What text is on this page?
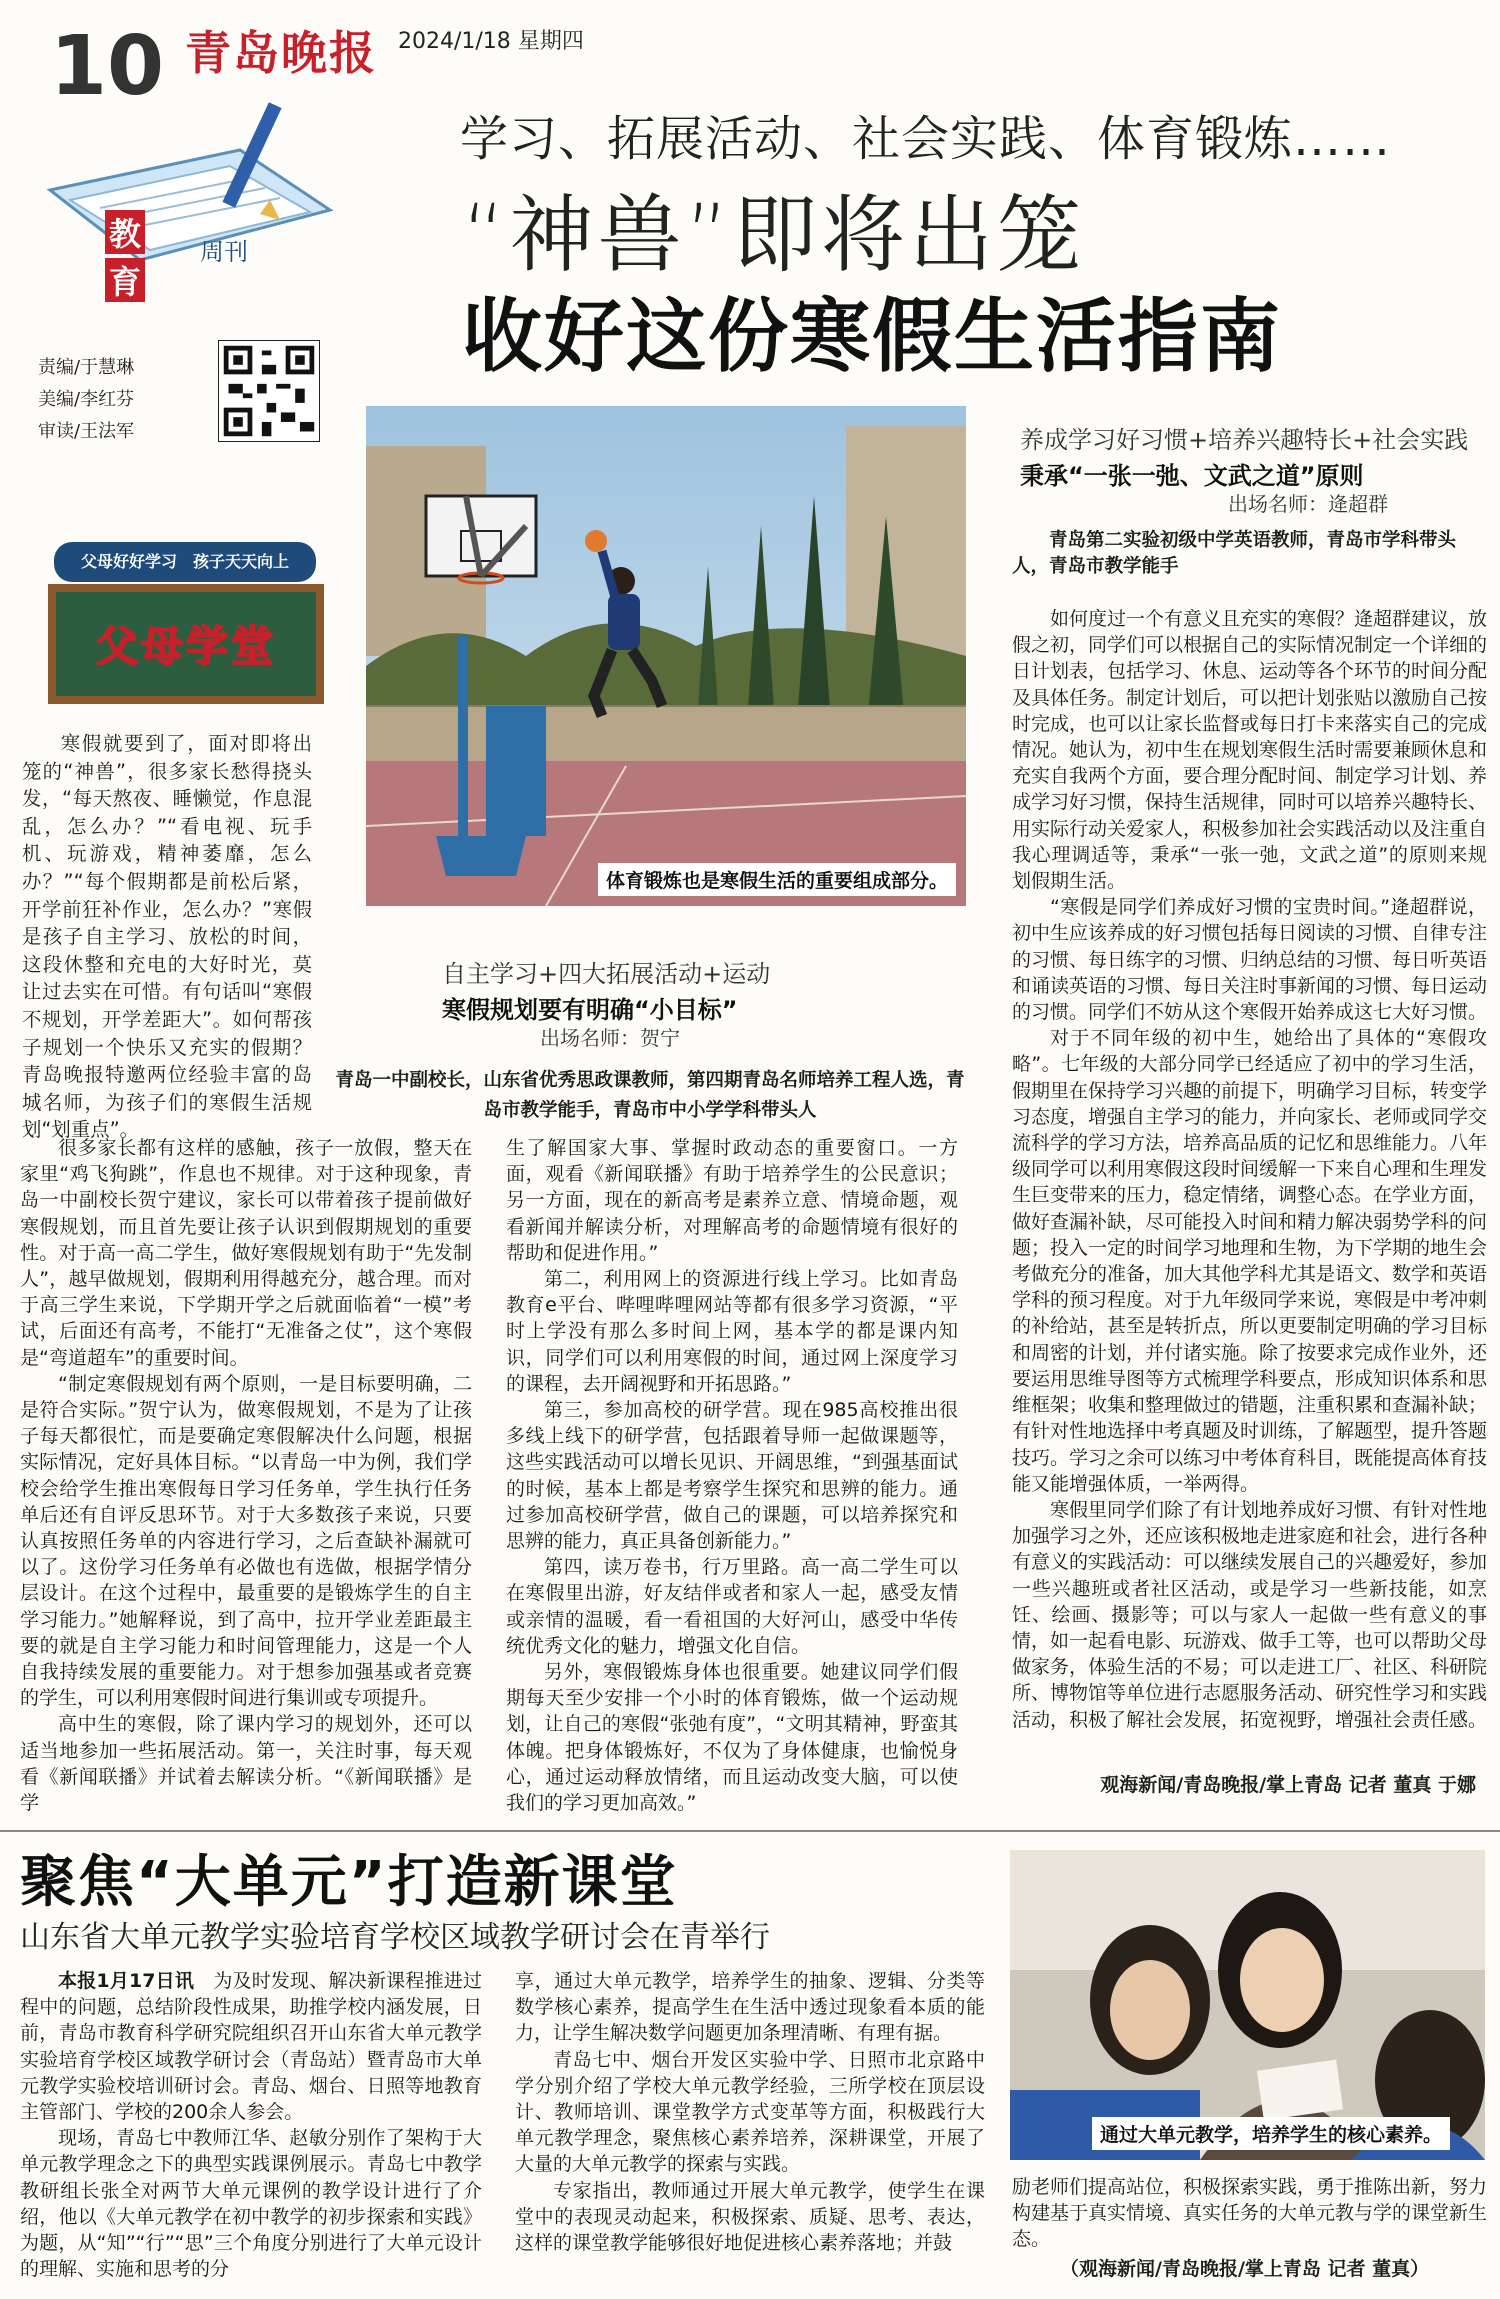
10 青岛晚报 2024/1/18 星期四
教
育
周刊
责编/于慧琳
美编/李红芬
审读/王法军
父母好好学习　孩子天天向上
父母学堂

寒假就要到了，面对即将出笼的“神兽”，很多家长愁得挠头发，“每天熬夜、睡懒觉，作息混乱，怎么办？”“看电视、玩手机、玩游戏，精神萎靡，怎么办？”“每个假期都是前松后紧，开学前狂补作业，怎么办？”寒假是孩子自主学习、放松的时间，这段休整和充电的大好时光，莫让过去实在可惜。有句话叫“寒假不规划，开学差距大”。如何帮孩子规划一个快乐又充实的假期？青岛晚报特邀两位经验丰富的岛城名师，为孩子们的寒假生活规划“划重点”。

学习、拓展活动、社会实践、体育锻炼……
“神兽”即将出笼
收好这份寒假生活指南
体育锻炼也是寒假生活的重要组成部分。
自主学习+四大拓展活动+运动
寒假规划要有明确“小目标”
出场名师：贺宁
青岛一中副校长，山东省优秀思政课教师，第四期青岛名师培养工程人选，青岛市教学能手，青岛市中小学学科带头人

很多家长都有这样的感触，孩子一放假，整天在家里“鸡飞狗跳”，作息也不规律。对于这种现象，青岛一中副校长贺宁建议，家长可以带着孩子提前做好寒假规划，而且首先要让孩子认识到假期规划的重要性。对于高一高二学生，做好寒假规划有助于“先发制人”，越早做规划，假期利用得越充分，越合理。而对于高三学生来说，下学期开学之后就面临着“一模”考试，后面还有高考，不能打“无准备之仗”，这个寒假是“弯道超车”的重要时间。

“制定寒假规划有两个原则，一是目标要明确，二是符合实际。”贺宁认为，做寒假规划，不是为了让孩子每天都很忙，而是要确定寒假解决什么问题，根据实际情况，定好具体目标。“以青岛一中为例，我们学校会给学生推出寒假每日学习任务单，学生执行任务单后还有自评反思环节。对于大多数孩子来说，只要认真按照任务单的内容进行学习，之后查缺补漏就可以了。这份学习任务单有必做也有选做，根据学情分层设计。在这个过程中，最重要的是锻炼学生的自主学习能力。”她解释说，到了高中，拉开学业差距最主要的就是自主学习能力和时间管理能力，这是一个人自我持续发展的重要能力。对于想参加强基或者竞赛的学生，可以利用寒假时间进行集训或专项提升。

高中生的寒假，除了课内学习的规划外，还可以适当地参加一些拓展活动。第一，关注时事，每天观看《新闻联播》并试着去解读分析。“《新闻联播》是学

生了解国家大事、掌握时政动态的重要窗口。一方面，观看《新闻联播》有助于培养学生的公民意识；另一方面，现在的新高考是素养立意、情境命题，观看新闻并解读分析，对理解高考的命题情境有很好的帮助和促进作用。”

第二，利用网上的资源进行线上学习。比如青岛教育e平台、哔哩哔哩网站等都有很多学习资源，“平时上学没有那么多时间上网，基本学的都是课内知识，同学们可以利用寒假的时间，通过网上深度学习的课程，去开阔视野和开拓思路。”

第三，参加高校的研学营。现在985高校推出很多线上线下的研学营，包括跟着导师一起做课题等，这些实践活动可以增长见识、开阔思维，“到强基面试的时候，基本上都是考察学生探究和思辨的能力。通过参加高校研学营，做自己的课题，可以培养探究和思辨的能力，真正具备创新能力。”

第四，读万卷书，行万里路。高一高二学生可以在寒假里出游，好友结伴或者和家人一起，感受友情或亲情的温暖，看一看祖国的大好河山，感受中华传统优秀文化的魅力，增强文化自信。

另外，寒假锻炼身体也很重要。她建议同学们假期每天至少安排一个小时的体育锻炼，做一个运动规划，让自己的寒假“张弛有度”，“文明其精神，野蛮其体魄。把身体锻炼好，不仅为了身体健康，也愉悦身心，通过运动释放情绪，而且运动改变大脑，可以使我们的学习更加高效。”

养成学习好习惯+培养兴趣特长+社会实践
秉承“一张一弛、文武之道”原则
出场名师：逄超群
青岛第二实验初级中学英语教师，青岛市学科带头人，青岛市教学能手

如何度过一个有意义且充实的寒假？逄超群建议，放假之初，同学们可以根据自己的实际情况制定一个详细的日计划表，包括学习、休息、运动等各个环节的时间分配及具体任务。制定计划后，可以把计划张贴以激励自己按时完成，也可以让家长监督或每日打卡来落实自己的完成情况。她认为，初中生在规划寒假生活时需要兼顾休息和充实自我两个方面，要合理分配时间、制定学习计划、养成学习好习惯，保持生活规律，同时可以培养兴趣特长、用实际行动关爱家人，积极参加社会实践活动以及注重自我心理调适等，秉承“一张一弛，文武之道”的原则来规划假期生活。

“寒假是同学们养成好习惯的宝贵时间。”逄超群说，初中生应该养成的好习惯包括每日阅读的习惯、自律专注的习惯、每日练字的习惯、归纳总结的习惯、每日听英语和诵读英语的习惯、每日关注时事新闻的习惯、每日运动的习惯。同学们不妨从这个寒假开始养成这七大好习惯。

对于不同年级的初中生，她给出了具体的“寒假攻略”。七年级的大部分同学已经适应了初中的学习生活，假期里在保持学习兴趣的前提下，明确学习目标，转变学习态度，增强自主学习的能力，并向家长、老师或同学交流科学的学习方法，培养高品质的记忆和思维能力。八年级同学可以利用寒假这段时间缓解一下来自心理和生理发生巨变带来的压力，稳定情绪，调整心态。在学业方面，做好查漏补缺，尽可能投入时间和精力解决弱势学科的问题；投入一定的时间学习地理和生物，为下学期的地生会考做充分的准备，加大其他学科尤其是语文、数学和英语学科的预习程度。对于九年级同学来说，寒假是中考冲刺的补给站，甚至是转折点，所以更要制定明确的学习目标和周密的计划，并付诸实施。除了按要求完成作业外，还要运用思维导图等方式梳理学科要点，形成知识体系和思维框架；收集和整理做过的错题，注重积累和查漏补缺；有针对性地选择中考真题及时训练，了解题型，提升答题技巧。学习之余可以练习中考体育科目，既能提高体育技能又能增强体质，一举两得。

寒假里同学们除了有计划地养成好习惯、有针对性地加强学习之外，还应该积极地走进家庭和社会，进行各种有意义的实践活动：可以继续发展自己的兴趣爱好，参加一些兴趣班或者社区活动，或是学习一些新技能，如烹饪、绘画、摄影等；可以与家人一起做一些有意义的事情，如一起看电影、玩游戏、做手工等，也可以帮助父母做家务，体验生活的不易；可以走进工厂、社区、科研院所、博物馆等单位进行志愿服务活动、研究性学习和实践活动，积极了解社会发展，拓宽视野，增强社会责任感。

观海新闻/青岛晚报/掌上青岛 记者 董真 于娜
聚焦“大单元”打造新课堂
山东省大单元教学实验培育学校区域教学研讨会在青举行

本报1月17日讯　 为及时发现、解决新课程推进过程中的问题，总结阶段性成果，助推学校内涵发展，日前，青岛市教育科学研究院组织召开山东省大单元教学实验培育学校区域教学研讨会（青岛站）暨青岛市大单元教学实验校培训研讨会。青岛、烟台、日照等地教育主管部门、学校的200余人参会。

现场，青岛七中教师江华、赵敏分别作了架构于大单元教学理念之下的典型实践课例展示。青岛七中教学教研组长张全对两节大单元课例的教学设计进行了介绍，他以《大单元教学在初中教学的初步探索和实践》为题，从“知”“行”“思”三个角度分别进行了大单元设计的理解、实施和思考的分

享，通过大单元教学，培养学生的抽象、逻辑、分类等数学核心素养，提高学生在生活中透过现象看本质的能力，让学生解决数学问题更加条理清晰、有理有据。

青岛七中、烟台开发区实验中学、日照市北京路中学分别介绍了学校大单元教学经验，三所学校在顶层设计、教师培训、课堂教学方式变革等方面，积极践行大单元教学理念，聚焦核心素养培养，深耕课堂，开展了大量的大单元教学的探索与实践。

专家指出，教师通过开展大单元教学，使学生在课堂中的表现灵动起来，积极探索、质疑、思考、表达，这样的课堂教学能够很好地促进核心素养落地；并鼓

通过大单元教学，培养学生的核心素养。

励老师们提高站位，积极探索实践，勇于推陈出新，努力构建基于真实情境、真实任务的大单元教与学的课堂新生态。

（观海新闻/青岛晚报/掌上青岛 记者 董真）
